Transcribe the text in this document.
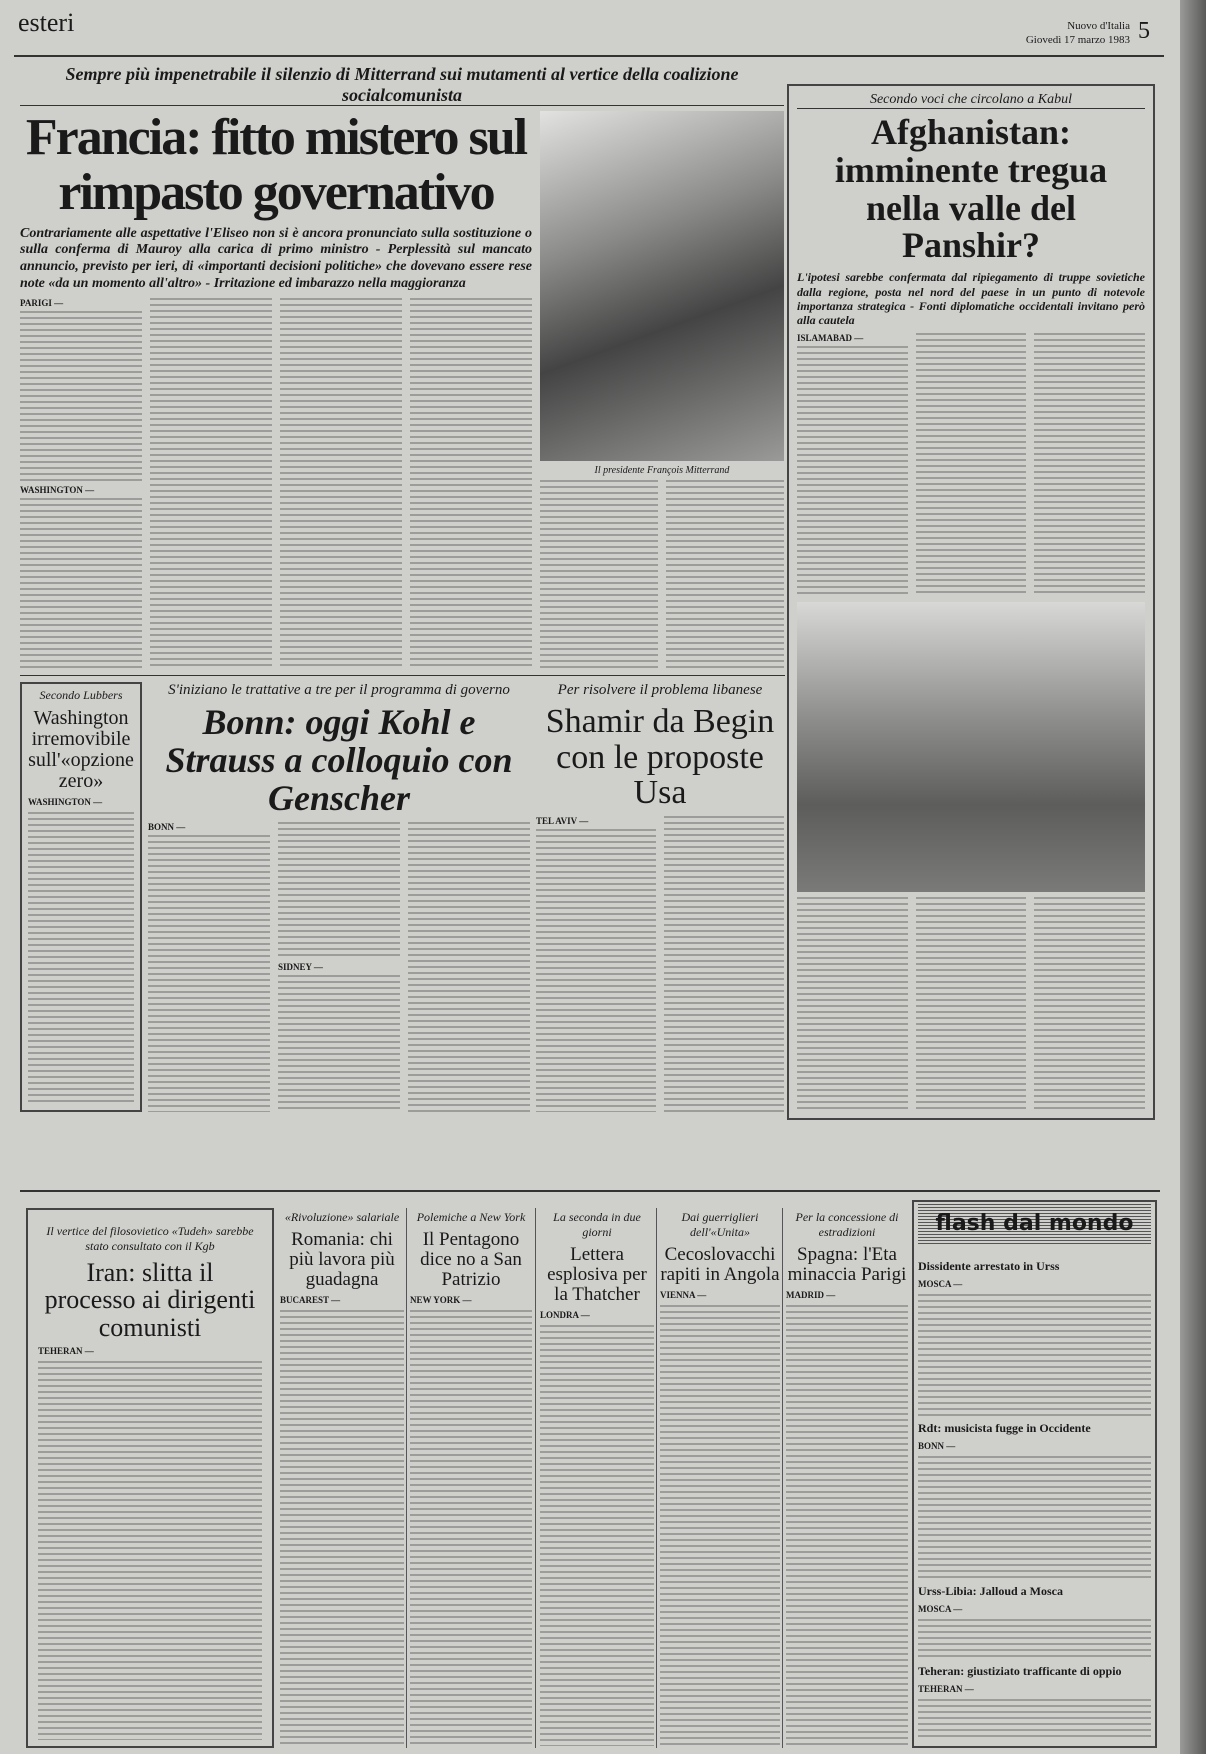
esteri	Nuovo d'Italia
Giovedì 17 marzo 1983 5
Sempre più impenetrabile il silenzio di Mitterrand sui mutamenti al vertice della coalizione socialcomunista
Francia: fitto mistero sul rimpasto governativo
Contrariamente alle aspettative l'Eliseo non si è ancora pronunciato sulla sostituzione o sulla conferma di Mauroy alla carica di primo ministro - Perplessità sul mancato annuncio, previsto per ieri, di «importanti decisioni politiche» che dovevano essere rese note «da un momento all'altro» - Irritazione ed imbarazzo nella maggioranza
PARIGI —
WASHINGTON —
Il presidente François Mitterrand
Secondo voci che circolano a Kabul
Afghanistan: imminente tregua nella valle del Panshir?
L'ipotesi sarebbe confermata dal ripiegamento di truppe sovietiche dalla regione, posta nel nord del paese in un punto di notevole importanza strategica - Fonti diplomatiche occidentali invitano però alla cautela
ISLAMABAD —
Secondo Lubbers
Washington irremovibile sull'«opzione zero»
WASHINGTON —
S'iniziano le trattative a tre per il programma di governo
Bonn: oggi Kohl e Strauss a colloquio con Genscher
BONN —
SIDNEY —
Per risolvere il problema libanese
Shamir da Begin con le proposte Usa
TEL AVIV —
Il vertice del filosovietico «Tudeh» sarebbe stato consultato con il Kgb
Iran: slitta il processo ai dirigenti comunisti
TEHERAN —
«Rivoluzione» salariale
Romania: chi più lavora più guadagna
BUCAREST —
Polemiche a New York
Il Pentagono dice no a San Patrizio
NEW YORK —
La seconda in due giorni
Lettera esplosiva per la Thatcher
LONDRA —
Dai guerriglieri dell'«Unita»
Cecoslovacchi rapiti in Angola
VIENNA —
Per la concessione di estradizioni
Spagna: l'Eta minaccia Parigi
MADRID —
flash dal mondo
Dissidente arrestato in Urss
MOSCA —
Rdt: musicista fugge in Occidente
BONN —
Urss-Libia: Jalloud a Mosca
MOSCA —
Teheran: giustiziato trafficante di oppio
TEHERAN —
